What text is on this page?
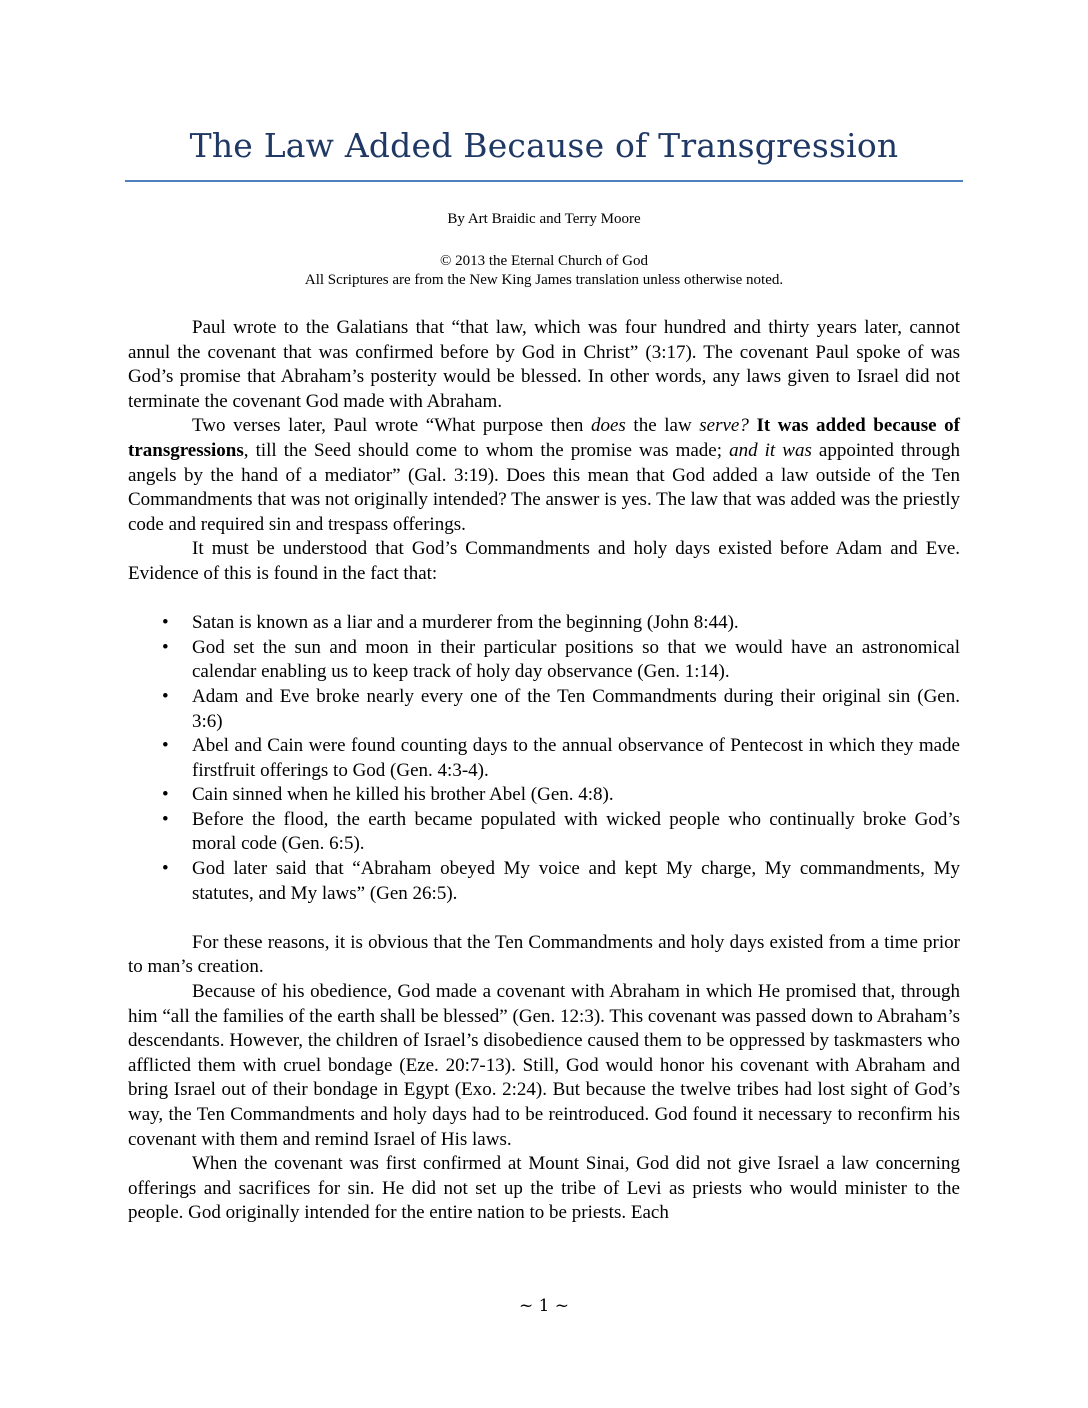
The Law Added Because of Transgression
By Art Braidic and Terry Moore
© 2013 the Eternal Church of God
All Scriptures are from the New King James translation unless otherwise noted.

Paul wrote to the Galatians that “that law, which was four hundred and thirty years later, cannot annul the covenant that was confirmed before by God in Christ” (3:17). The covenant Paul spoke of was God’s promise that Abraham’s posterity would be blessed. In other words, any laws given to Israel did not terminate the covenant God made with Abraham.

Two verses later, Paul wrote “What purpose then does the law serve? It was added because of transgressions, till the Seed should come to whom the promise was made; and it was appointed through angels by the hand of a mediator” (Gal. 3:19). Does this mean that God added a law outside of the Ten Commandments that was not originally intended? The answer is yes. The law that was added was the priestly code and required sin and trespass offerings.

It must be understood that God’s Commandments and holy days existed before Adam and Eve. Evidence of this is found in the fact that:

• Satan is known as a liar and a murderer from the beginning (John 8:44).
• God set the sun and moon in their particular positions so that we would have an astronomical calendar enabling us to keep track of holy day observance (Gen. 1:14).
• Adam and Eve broke nearly every one of the Ten Commandments during their original sin (Gen. 3:6)
• Abel and Cain were found counting days to the annual observance of Pentecost in which they made firstfruit offerings to God (Gen. 4:3-4).
• Cain sinned when he killed his brother Abel (Gen. 4:8).
• Before the flood, the earth became populated with wicked people who continually broke God’s moral code (Gen. 6:5).
• God later said that “Abraham obeyed My voice and kept My charge, My commandments, My statutes, and My laws” (Gen 26:5).

For these reasons, it is obvious that the Ten Commandments and holy days existed from a time prior to man’s creation.

Because of his obedience, God made a covenant with Abraham in which He promised that, through him “all the families of the earth shall be blessed” (Gen. 12:3). This covenant was passed down to Abraham’s descendants. However, the children of Israel’s disobedience caused them to be oppressed by taskmasters who afflicted them with cruel bondage (Eze. 20:7-13). Still, God would honor his covenant with Abraham and bring Israel out of their bondage in Egypt (Exo. 2:24). But because the twelve tribes had lost sight of God’s way, the Ten Commandments and holy days had to be reintroduced. God found it necessary to reconfirm his covenant with them and remind Israel of His laws.

When the covenant was first confirmed at Mount Sinai, God did not give Israel a law concerning offerings and sacrifices for sin. He did not set up the tribe of Levi as priests who would minister to the people. God originally intended for the entire nation to be priests. Each

~ 1 ~
